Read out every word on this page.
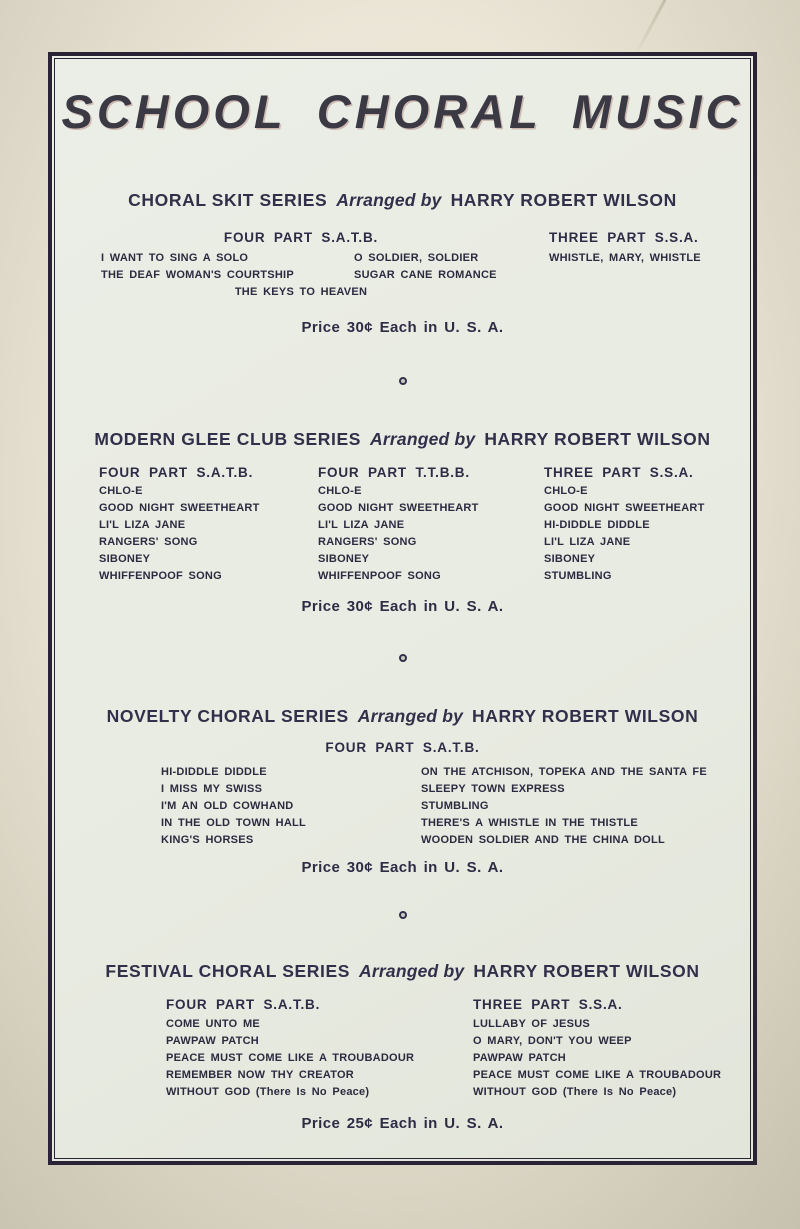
SCHOOL CHORAL MUSIC
CHORAL SKIT SERIES Arranged by HARRY ROBERT WILSON
FOUR PART S.A.T.B.
I WANT TO SING A SOLO
THE DEAF WOMAN'S COURTSHIP
O SOLDIER, SOLDIER
SUGAR CANE ROMANCE
THE KEYS TO HEAVEN
THREE PART S.S.A.
WHISTLE, MARY, WHISTLE
Price 30¢ Each in U. S. A.
MODERN GLEE CLUB SERIES Arranged by HARRY ROBERT WILSON
FOUR PART S.A.T.B.
CHLO-E
GOOD NIGHT SWEETHEART
LI'L LIZA JANE
RANGERS' SONG
SIBONEY
WHIFFENPOOF SONG
FOUR PART T.T.B.B.
CHLO-E
GOOD NIGHT SWEETHEART
LI'L LIZA JANE
RANGERS' SONG
SIBONEY
WHIFFENPOOF SONG
THREE PART S.S.A.
CHLO-E
GOOD NIGHT SWEETHEART
HI-DIDDLE DIDDLE
LI'L LIZA JANE
SIBONEY
STUMBLING
Price 30¢ Each in U. S. A.
NOVELTY CHORAL SERIES Arranged by HARRY ROBERT WILSON
FOUR PART S.A.T.B.
HI-DIDDLE DIDDLE
I MISS MY SWISS
I'M AN OLD COWHAND
IN THE OLD TOWN HALL
KING'S HORSES
ON THE ATCHISON, TOPEKA AND THE SANTA FE
SLEEPY TOWN EXPRESS
STUMBLING
THERE'S A WHISTLE IN THE THISTLE
WOODEN SOLDIER AND THE CHINA DOLL
Price 30¢ Each in U. S. A.
FESTIVAL CHORAL SERIES Arranged by HARRY ROBERT WILSON
FOUR PART S.A.T.B.
COME UNTO ME
PAWPAW PATCH
PEACE MUST COME LIKE A TROUBADOUR
REMEMBER NOW THY CREATOR
WITHOUT GOD (There Is No Peace)
THREE PART S.S.A.
LULLABY OF JESUS
O MARY, DON'T YOU WEEP
PAWPAW PATCH
PEACE MUST COME LIKE A TROUBADOUR
WITHOUT GOD (There Is No Peace)
Price 25¢ Each in U. S. A.
